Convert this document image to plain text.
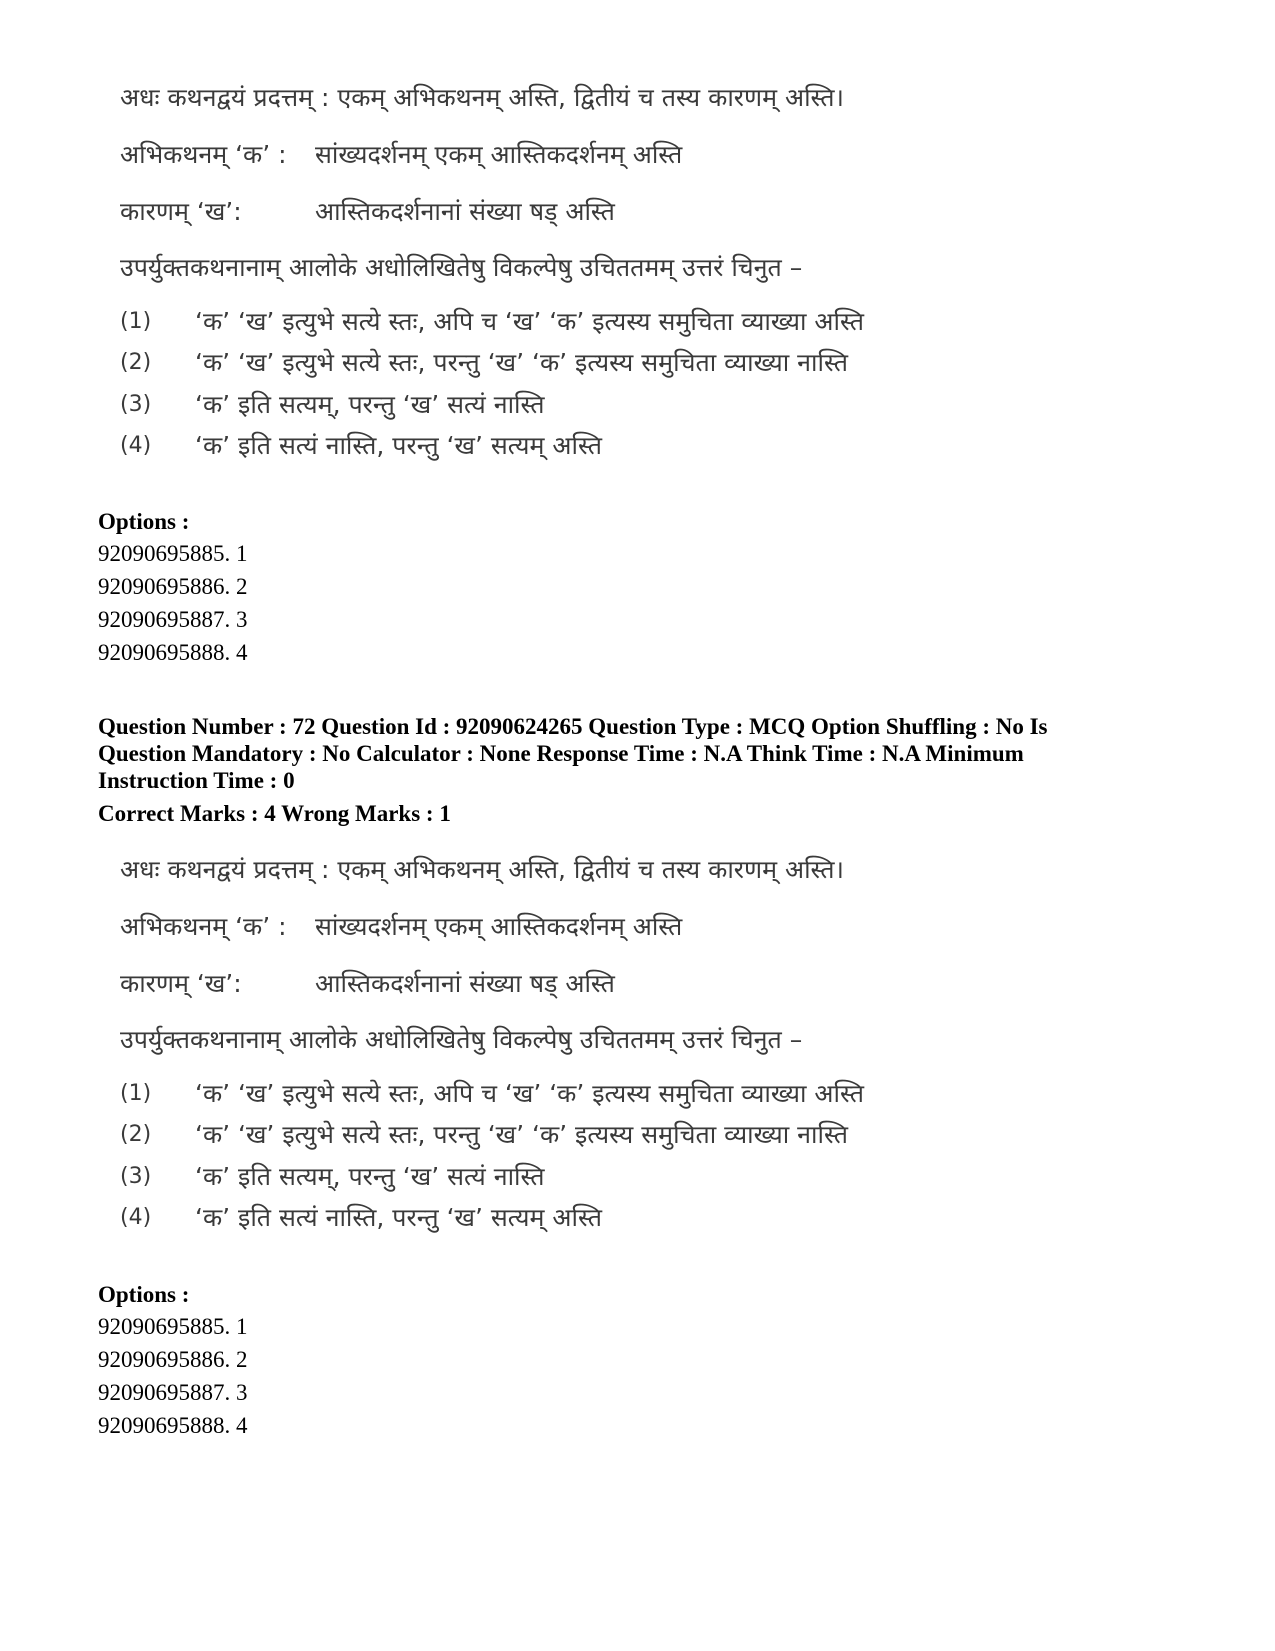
अधः कथनद्वयं प्रदत्तम् : एकम् अभिकथनम् अस्ति, द्वितीयं च तस्य कारणम् अस्ति।
अभिकथनम् ‘क’ : सांख्यदर्शनम् एकम् आस्तिकदर्शनम् अस्ति
कारणम् ‘ख’:	आस्तिकदर्शनानां संख्या षड् अस्ति
उपर्युक्तकथनानाम् आलोके अधोलिखितेषु विकल्पेषु उचिततमम् उत्तरं चिनुत –
(1) ‘क’ ‘ख’ इत्युभे सत्ये स्तः, अपि च ‘ख’ ‘क’ इत्यस्य समुचिता व्याख्या अस्ति
(2) ‘क’ ‘ख’ इत्युभे सत्ये स्तः, परन्तु ‘ख’ ‘क’ इत्यस्य समुचिता व्याख्या नास्ति
(3) ‘क’ इति सत्यम्, परन्तु ‘ख’ सत्यं नास्ति
(4) ‘क’ इति सत्यं नास्ति, परन्तु ‘ख’ सत्यम् अस्ति
Options :
92090695885. 1
92090695886. 2
92090695887. 3
92090695888. 4
Question Number : 72 Question Id : 92090624265 Question Type : MCQ Option Shuffling : No Is
Question Mandatory : No Calculator : None Response Time : N.A Think Time : N.A Minimum
Instruction Time : 0
Correct Marks : 4 Wrong Marks : 1
अधः कथनद्वयं प्रदत्तम् : एकम् अभिकथनम् अस्ति, द्वितीयं च तस्य कारणम् अस्ति।
अभिकथनम् ‘क’ : सांख्यदर्शनम् एकम् आस्तिकदर्शनम् अस्ति
कारणम् ‘ख’:	आस्तिकदर्शनानां संख्या षड् अस्ति
उपर्युक्तकथनानाम् आलोके अधोलिखितेषु विकल्पेषु उचिततमम् उत्तरं चिनुत –
(1) ‘क’ ‘ख’ इत्युभे सत्ये स्तः, अपि च ‘ख’ ‘क’ इत्यस्य समुचिता व्याख्या अस्ति
(2) ‘क’ ‘ख’ इत्युभे सत्ये स्तः, परन्तु ‘ख’ ‘क’ इत्यस्य समुचिता व्याख्या नास्ति
(3) ‘क’ इति सत्यम्, परन्तु ‘ख’ सत्यं नास्ति
(4) ‘क’ इति सत्यं नास्ति, परन्तु ‘ख’ सत्यम् अस्ति
Options :
92090695885. 1
92090695886. 2
92090695887. 3
92090695888. 4
